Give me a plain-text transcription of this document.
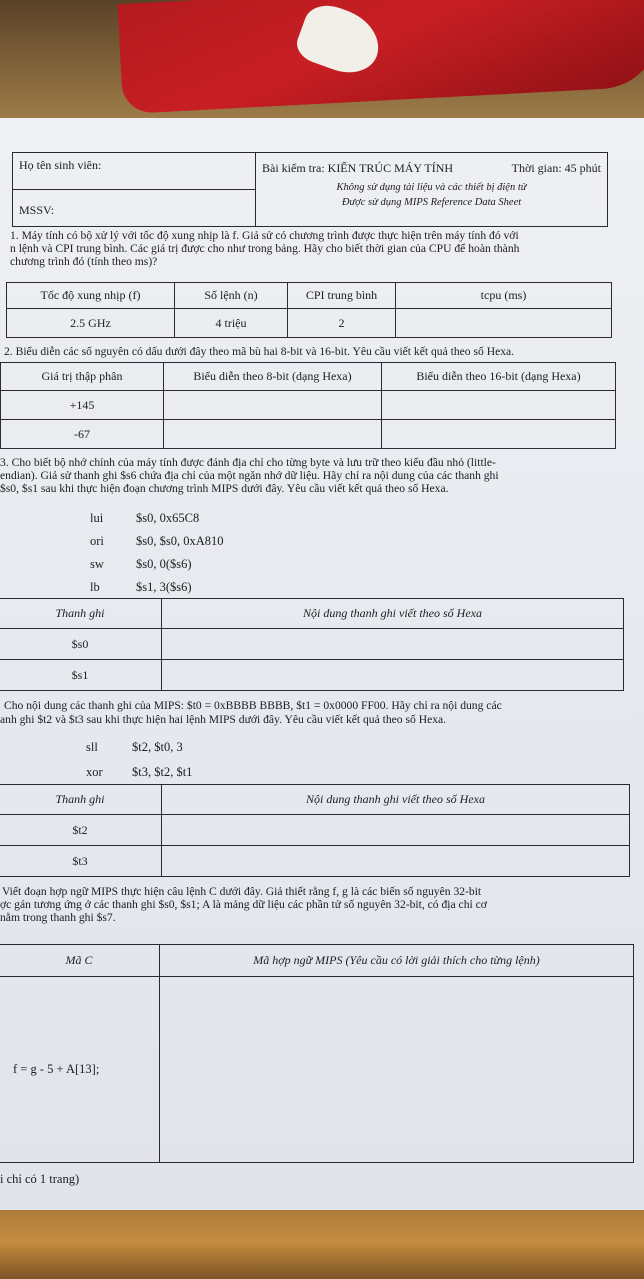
Họ tên sinh viên:	Bài kiểm tra: KIẾN TRÚC MÁY TÍNH	Thời gian: 45 phút
Không sử dụng tài liệu và các thiết bị điện tử
Được sử dụng MIPS Reference Data Sheet

MSSV:
1. Máy tính có bộ xử lý với tốc độ xung nhịp là f. Giả sử có chương trình được thực hiện trên máy tính đó với
n lệnh và CPI trung bình. Các giá trị được cho như trong bảng. Hãy cho biết thời gian của CPU để hoàn thành
chương trình đó (tính theo ms)?
Tốc độ xung nhịp (f)	Số lệnh (n)	CPI trung bình	tcpu (ms)
2.5 GHz	4 triệu	2	
2. Biểu diễn các số nguyên có dấu dưới đây theo mã bù hai 8-bit và 16-bit. Yêu cầu viết kết quả theo số Hexa.
Giá trị thập phân	Biểu diễn theo 8-bit (dạng Hexa)	Biểu diễn theo 16-bit (dạng Hexa)
+145		
-67		
3. Cho biết bộ nhớ chính của máy tính được đánh địa chỉ cho từng byte và lưu trữ theo kiểu đầu nhỏ (little-
endian). Giả sử thanh ghi $s6 chứa địa chỉ của một ngăn nhớ dữ liệu. Hãy chỉ ra nội dung của các thanh ghi
$s0, $s1 sau khi thực hiện đoạn chương trình MIPS dưới đây. Yêu cầu viết kết quả theo số Hexa.
lui	$s0, 0x65C8
ori	$s0, $s0, 0xA810
sw	$s0, 0($s6)
lb	$s1, 3($s6)
Thanh ghi	Nội dung thanh ghi viết theo số Hexa
$s0	
$s1	
Cho nội dung các thanh ghi của MIPS: $t0 = 0xBBBB BBBB, $t1 = 0x0000 FF00. Hãy chỉ ra nội dung các
anh ghi $t2 và $t3 sau khi thực hiện hai lệnh MIPS dưới đây. Yêu cầu viết kết quả theo số Hexa.
sll	$t2, $t0, 3
xor $t3, $t2, $t1
Thanh ghi	Nội dung thanh ghi viết theo số Hexa
$t2	
$t3	
Viết đoạn hợp ngữ MIPS thực hiện câu lệnh C dưới đây. Giả thiết rằng f, g là các biến số nguyên 32-bit
ợc gán tương ứng ở các thanh ghi $s0, $s1; A là mảng dữ liệu các phần tử số nguyên 32-bit, có địa chỉ cơ
nằm trong thanh ghi $s7.
Mã C	Mã hợp ngữ MIPS (Yêu cầu có lời giải thích cho từng lệnh)
f = g - 5 + A[13];	
i chỉ có 1 trang)
